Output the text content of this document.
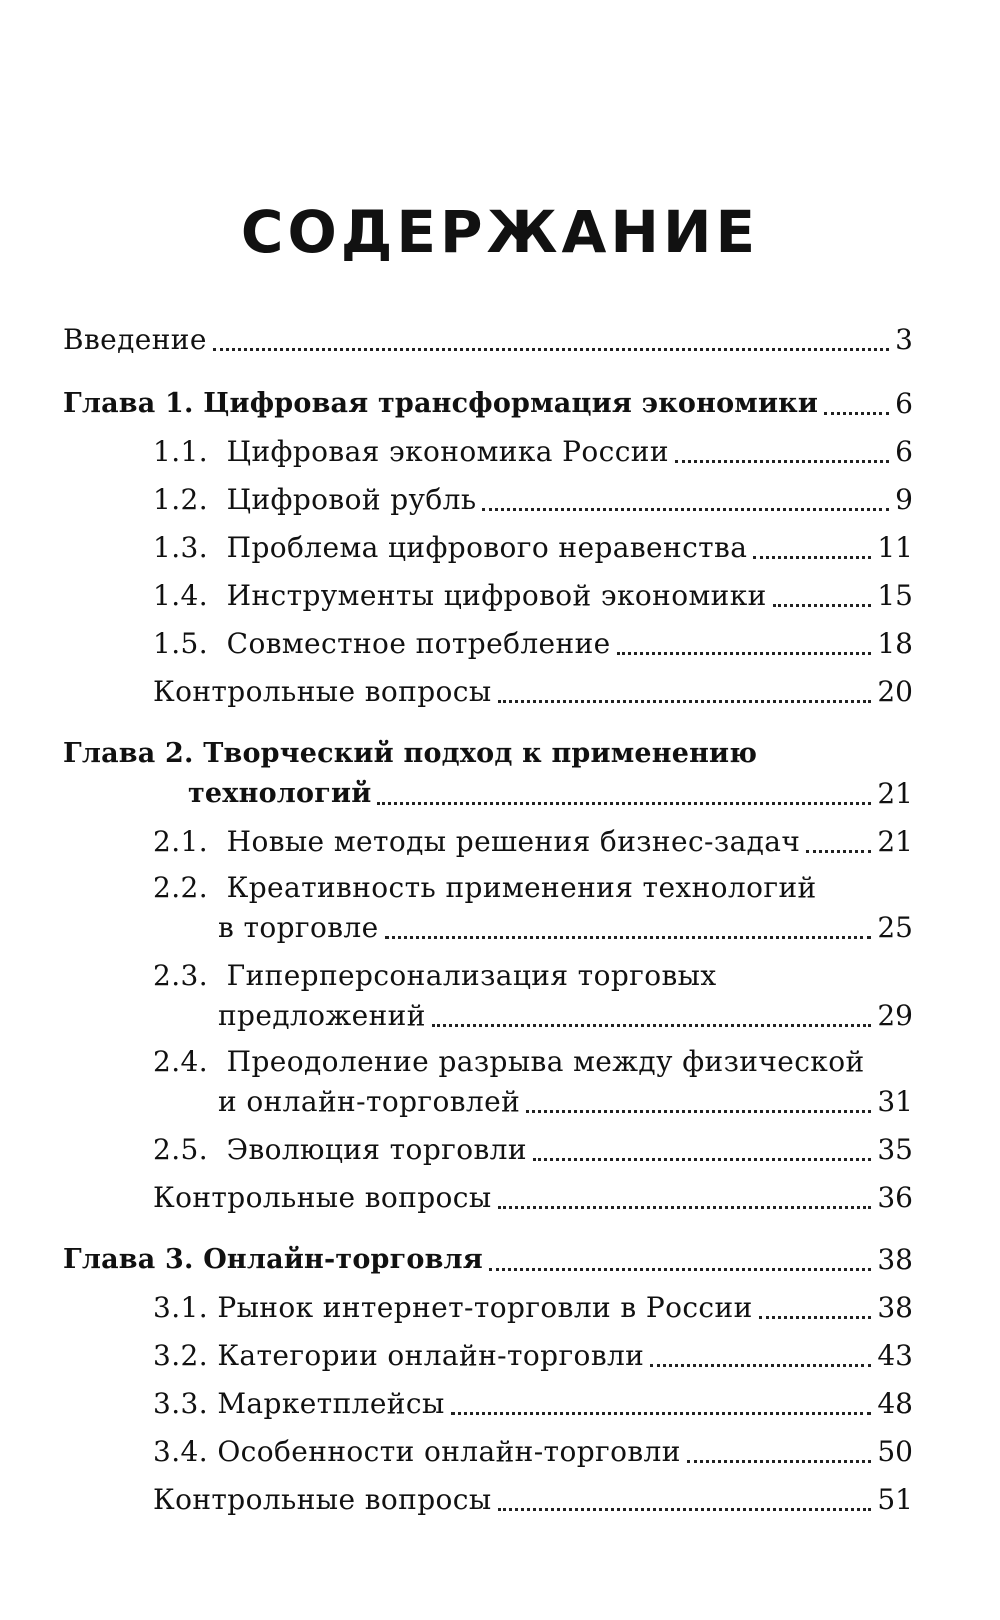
СОДЕРЖАНИЕ
Введение	3
Глава 1. Цифровая трансформация экономики	6
1.1.  Цифровая экономика России	6
1.2.  Цифровой рубль	9
1.3.  Проблема цифрового неравенства	11
1.4.  Инструменты цифровой экономики	15
1.5.  Совместное потребление	18
Контрольные вопросы	20
Глава 2. Творческий подход к применению
технологий	21
2.1.  Новые методы решения бизнес-задач	21
2.2.  Креативность применения технологий
в торговле	25
2.3.  Гиперперсонализация торговых
предложений	29
2.4.  Преодоление разрыва между физической
и онлайн-торговлей	31
2.5.  Эволюция торговли	35
Контрольные вопросы	36
Глава 3. Онлайн-торговля	38
3.1. Рынок интернет-торговли в России	38
3.2. Категории онлайн-торговли	43
3.3. Маркетплейсы	48
3.4. Особенности онлайн-торговли	50
Контрольные вопросы	51
